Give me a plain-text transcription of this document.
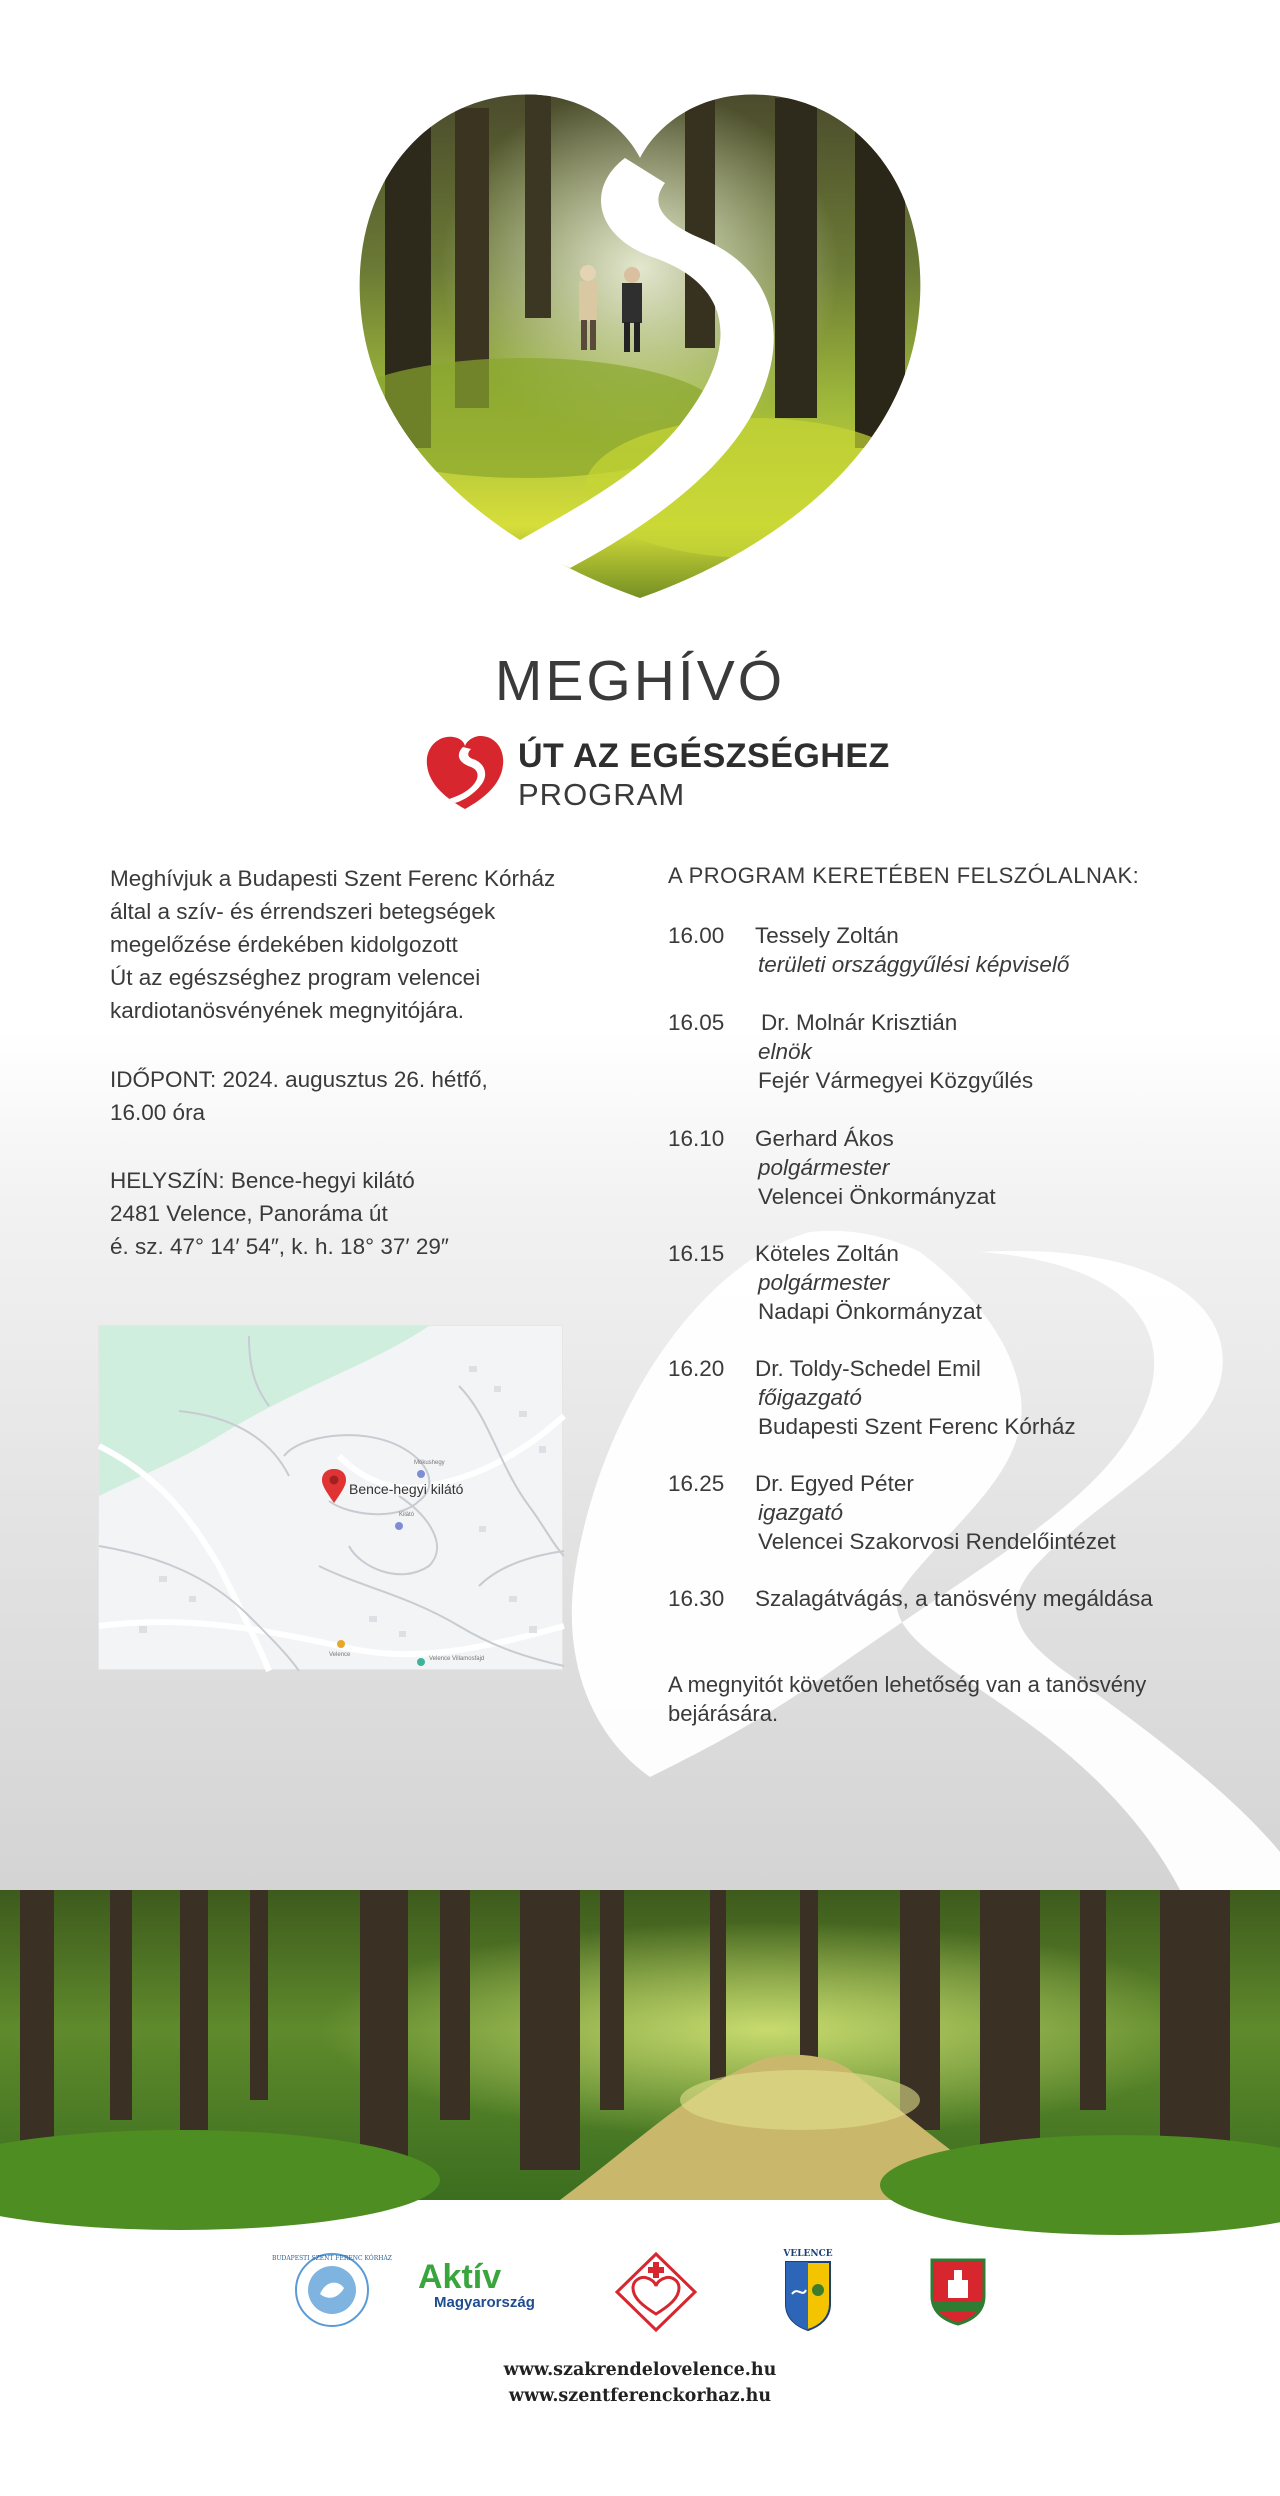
MEGHÍVÓ
ÚT AZ EGÉSZSÉGHEZ
PROGRAM
Meghívjuk a Budapesti Szent Ferenc Kórház
által a szív- és érrendszeri betegségek
megelőzése érdekében kidolgozott
Út az egészséghez program velencei
kardiotanösvényének megnyitójára.
IDŐPONT: 2024. augusztus 26. hétfő,
16.00 óra
HELYSZÍN: Bence-hegyi kilátó
2481 Velence, Panoráma út
é. sz. 47° 14′ 54″, k. h. 18° 37′ 29″
Bence-hegyi kilátó
Mókushegy
Kilátó
Velence
Velence Villamosfajd
A PROGRAM KERETÉBEN FELSZÓLALNAK:
16.00 Tessely Zoltán
területi országgyűlési képviselő
16.05 Dr. Molnár Krisztián
elnök
Fejér Vármegyei Közgyűlés
16.10 Gerhard Ákos
polgármester
Velencei Önkormányzat
16.15 Köteles Zoltán
polgármester
Nadapi Önkormányzat
16.20 Dr. Toldy-Schedel Emil
főigazgató
Budapesti Szent Ferenc Kórház
16.25 Dr. Egyed Péter
igazgató
Velencei Szakorvosi Rendelőintézet
16.30 Szalagátvágás, a tanösvény megáldása
A megnyitót követően lehetőség van a tanösvény bejárására.
BUDAPESTI SZENT FERENC KÓRHÁZ Aktív
Magyarország
VELENCE
www.szakrendelovelence.hu
www.szentferenckorhaz.hu
